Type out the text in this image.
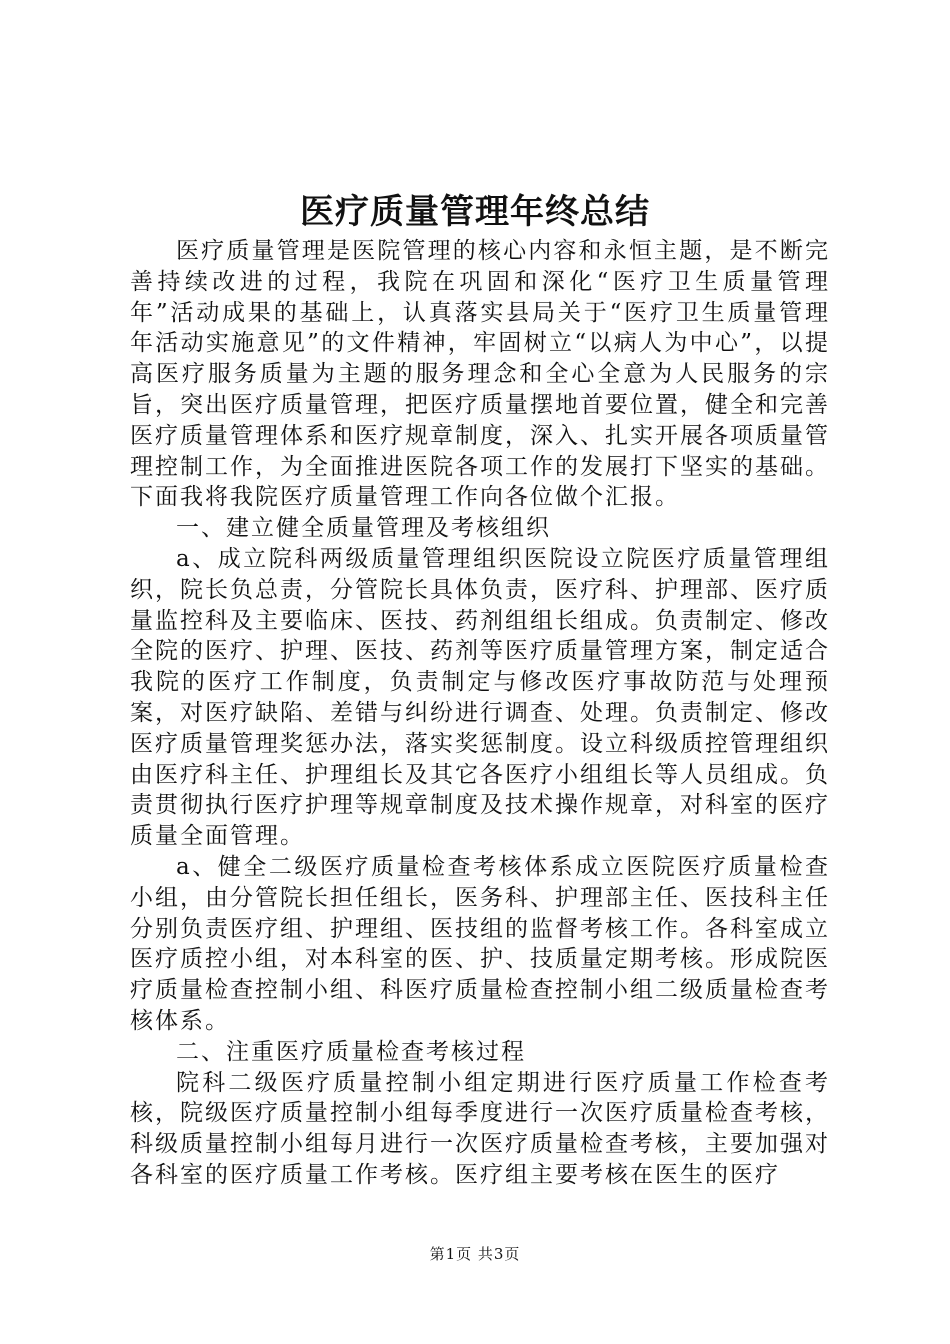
医疗质量管理年终总结

医疗质量管理是医院管理的核心内容和永恒主题，是不断完善持续改进的过程，我院在巩固和深化“医疗卫生质量管理年”活动成果的基础上，认真落实县局关于“医疗卫生质量管理年活动实施意见”的文件精神，牢固树立“以病人为中心”，以提高医疗服务质量为主题的服务理念和全心全意为人民服务的宗旨，突出医疗质量管理，把医疗质量摆地首要位置，健全和完善医疗质量管理体系和医疗规章制度，深入、扎实开展各项质量管理控制工作，为全面推进医院各项工作的发展打下坚实的基础。下面我将我院医疗质量管理工作向各位做个汇报。

一、建立健全质量管理及考核组织

a、成立院科两级质量管理组织医院设立院医疗质量管理组织，院长负总责，分管院长具体负责，医疗科、护理部、医疗质量监控科及主要临床、医技、药剂组组长组成。负责制定、修改全院的医疗、护理、医技、药剂等医疗质量管理方案，制定适合我院的医疗工作制度，负责制定与修改医疗事故防范与处理预案，对医疗缺陷、差错与纠纷进行调查、处理。负责制定、修改医疗质量管理奖惩办法，落实奖惩制度。设立科级质控管理组织由医疗科主任、护理组长及其它各医疗小组组长等人员组成。负责贯彻执行医疗护理等规章制度及技术操作规章，对科室的医疗质量全面管理。

a、健全二级医疗质量检查考核体系成立医院医疗质量检查小组，由分管院长担任组长，医务科、护理部主任、医技科主任分别负责医疗组、护理组、医技组的监督考核工作。各科室成立医疗质控小组，对本科室的医、护、技质量定期考核。形成院医疗质量检查控制小组、科医疗质量检查控制小组二级质量检查考核体系。

二、注重医疗质量检查考核过程

院科二级医疗质量控制小组定期进行医疗质量工作检查考核，院级医疗质量控制小组每季度进行一次医疗质量检查考核，科级质量控制小组每月进行一次医疗质量检查考核，主要加强对各科室的医疗质量工作考核。医疗组主要考核在医生的医疗

第1页 共3页
